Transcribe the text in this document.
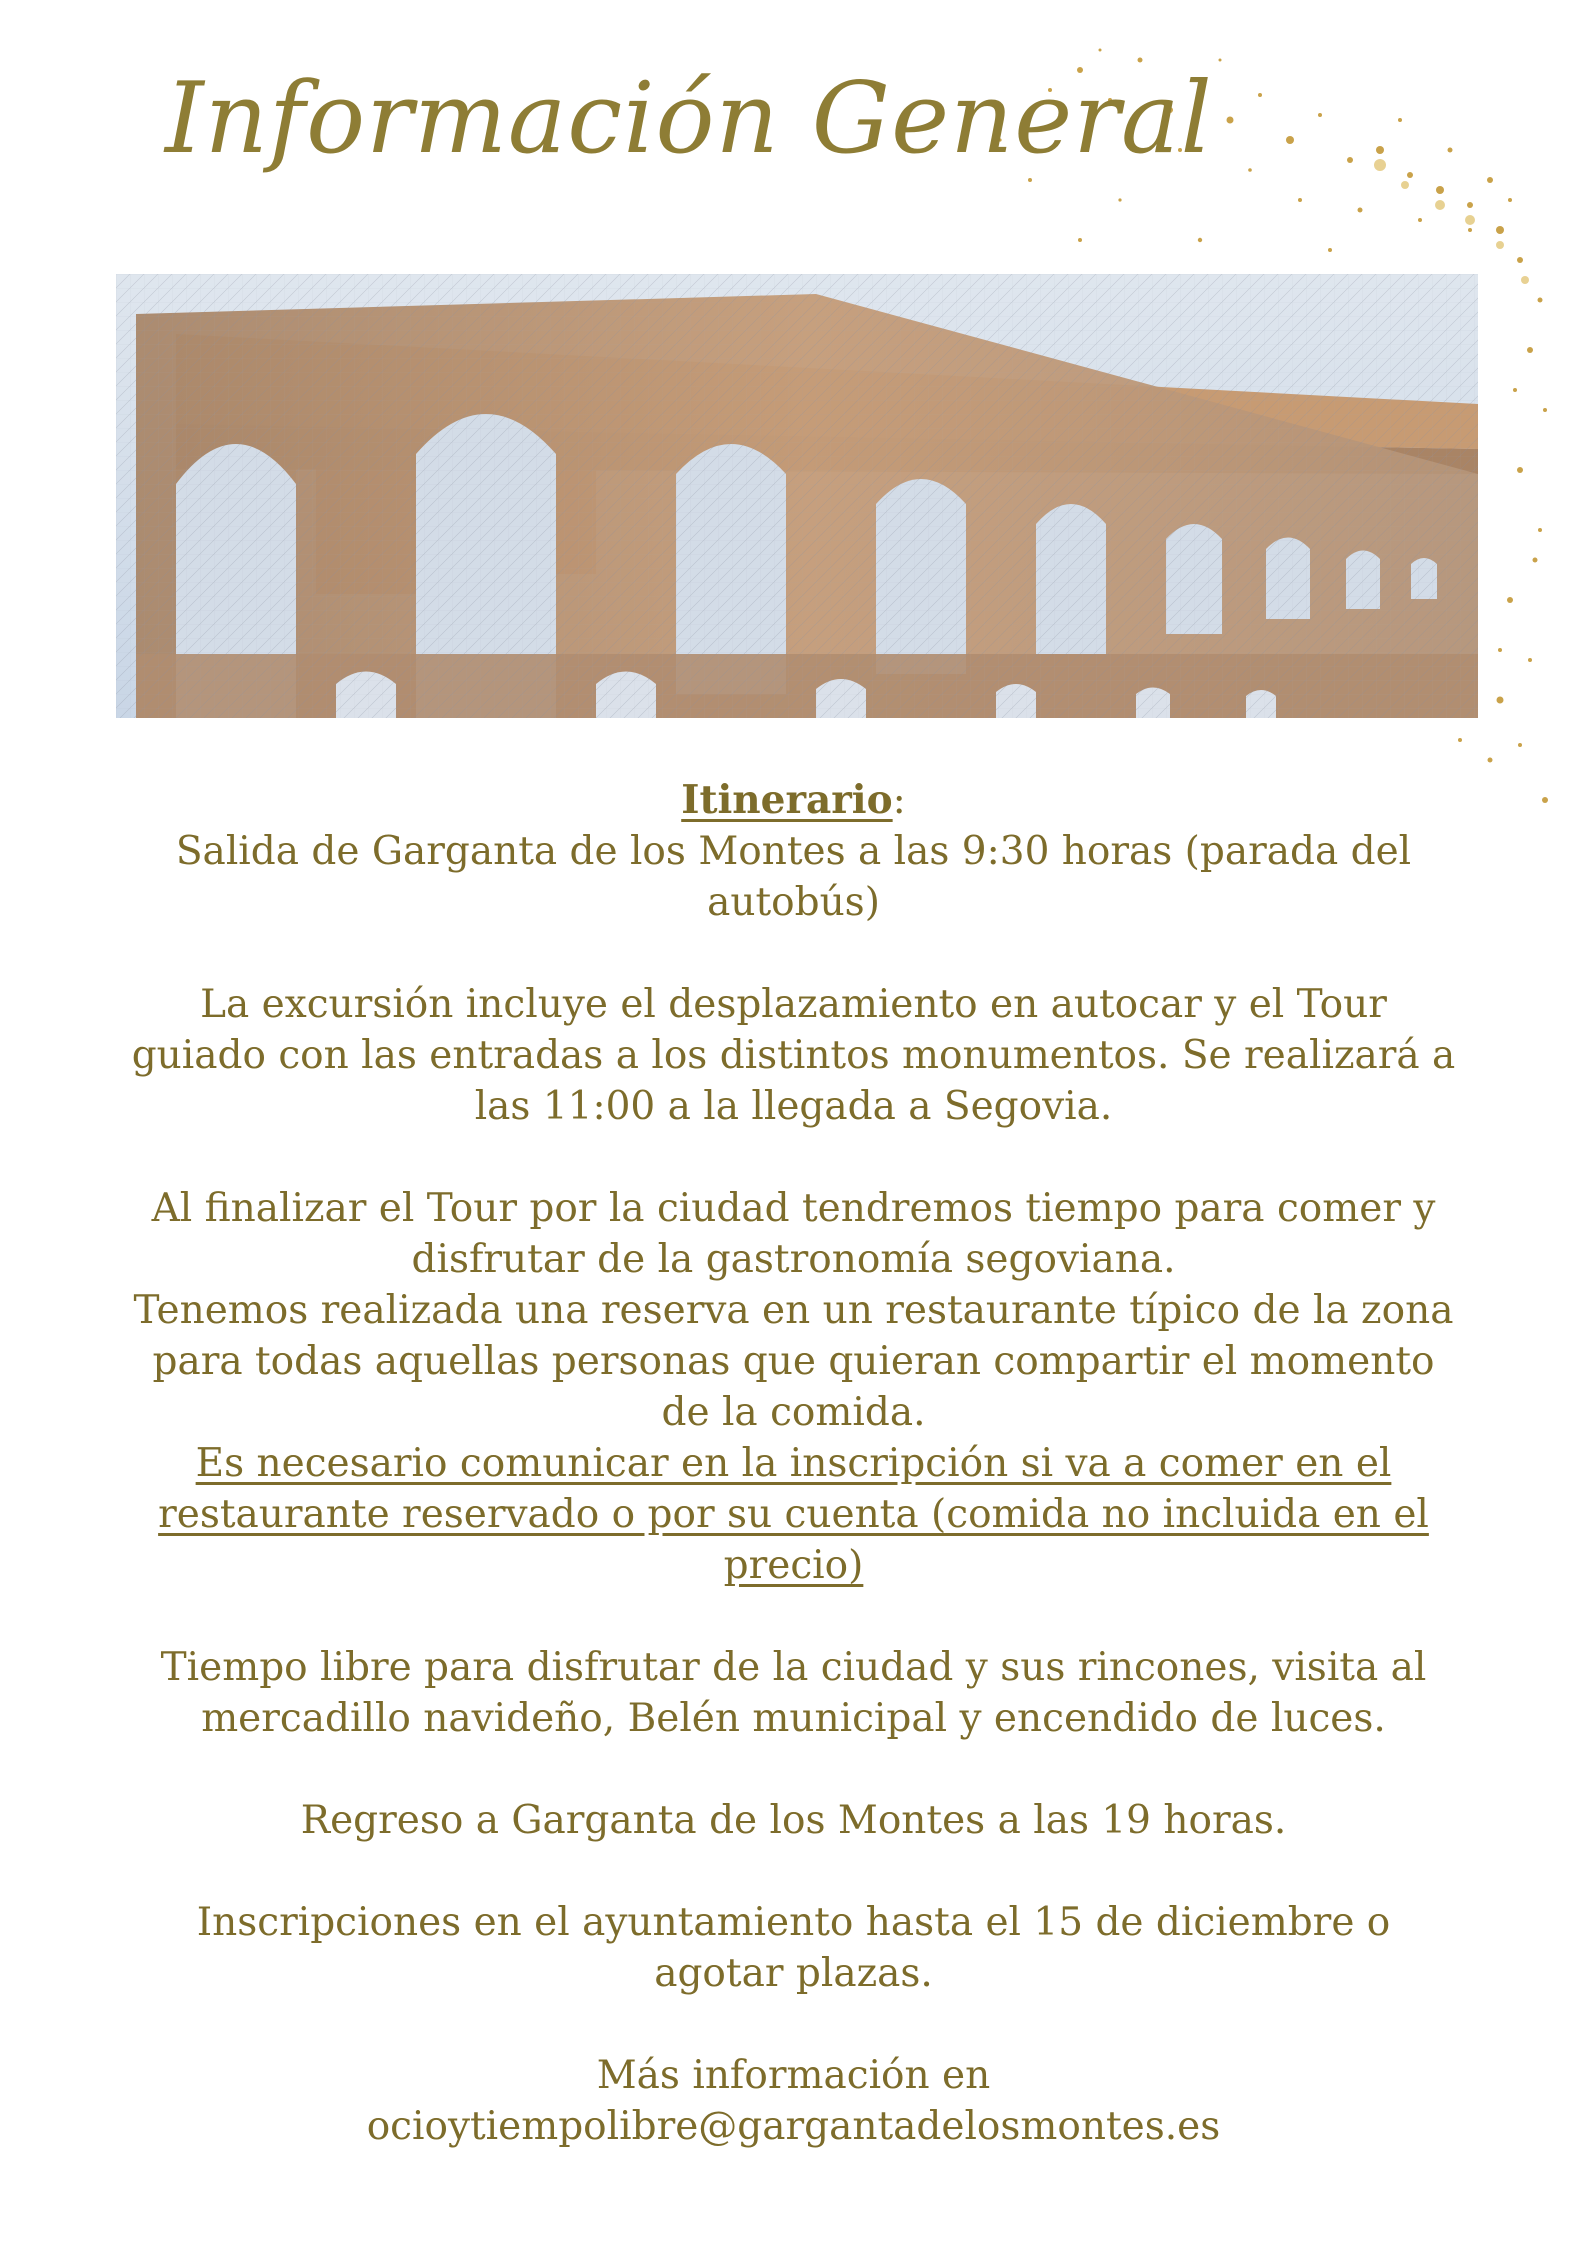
Información General

Itinerario:

Salida de Garganta de los Montes a las 9:30 horas (parada del autobús)

La excursión incluye el desplazamiento en autocar y el Tour guiado con las entradas a los distintos monumentos. Se realizará a las 11:00 a la llegada a Segovia.

Al finalizar el Tour por la ciudad tendremos tiempo para comer y disfrutar de la gastronomía segoviana.

Tenemos realizada una reserva en un restaurante típico de la zona para todas aquellas personas que quieran compartir el momento de la comida.

Es necesario comunicar en la inscripción si va a comer en el restaurante reservado o por su cuenta (comida no incluida en el precio)

Tiempo libre para disfrutar de la ciudad y sus rincones, visita al mercadillo navideño, Belén municipal y encendido de luces.

Regreso a Garganta de los Montes a las 19 horas.

Inscripciones en el ayuntamiento hasta el 15 de diciembre o agotar plazas.

Más información en

ocioytiempolibre@gargantadelosmontes.es
